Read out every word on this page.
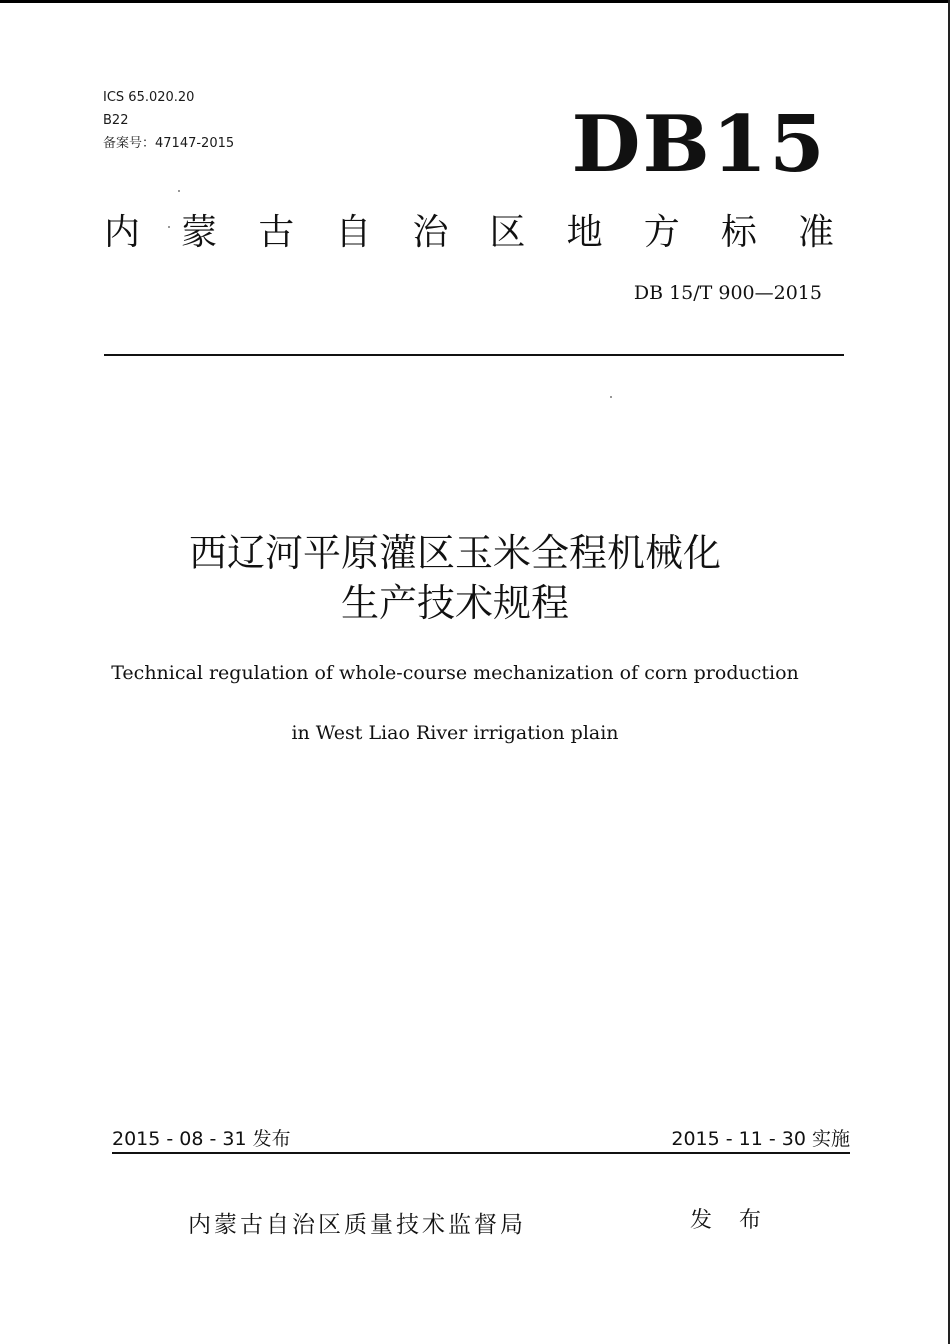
ICS 65.020.20
B22
备案号：47147-2015	DB15
内 蒙 古 自 治 区 地 方 标 准
DB 15/T 900—2015
西辽河平原灌区玉米全程机械化
生产技术规程
Technical regulation of whole-course mechanization of corn production
in West Liao River irrigation plain
2015 - 08 - 31 发布	2015 - 11 - 30 实施
内蒙古自治区质量技术监督局	发 布
